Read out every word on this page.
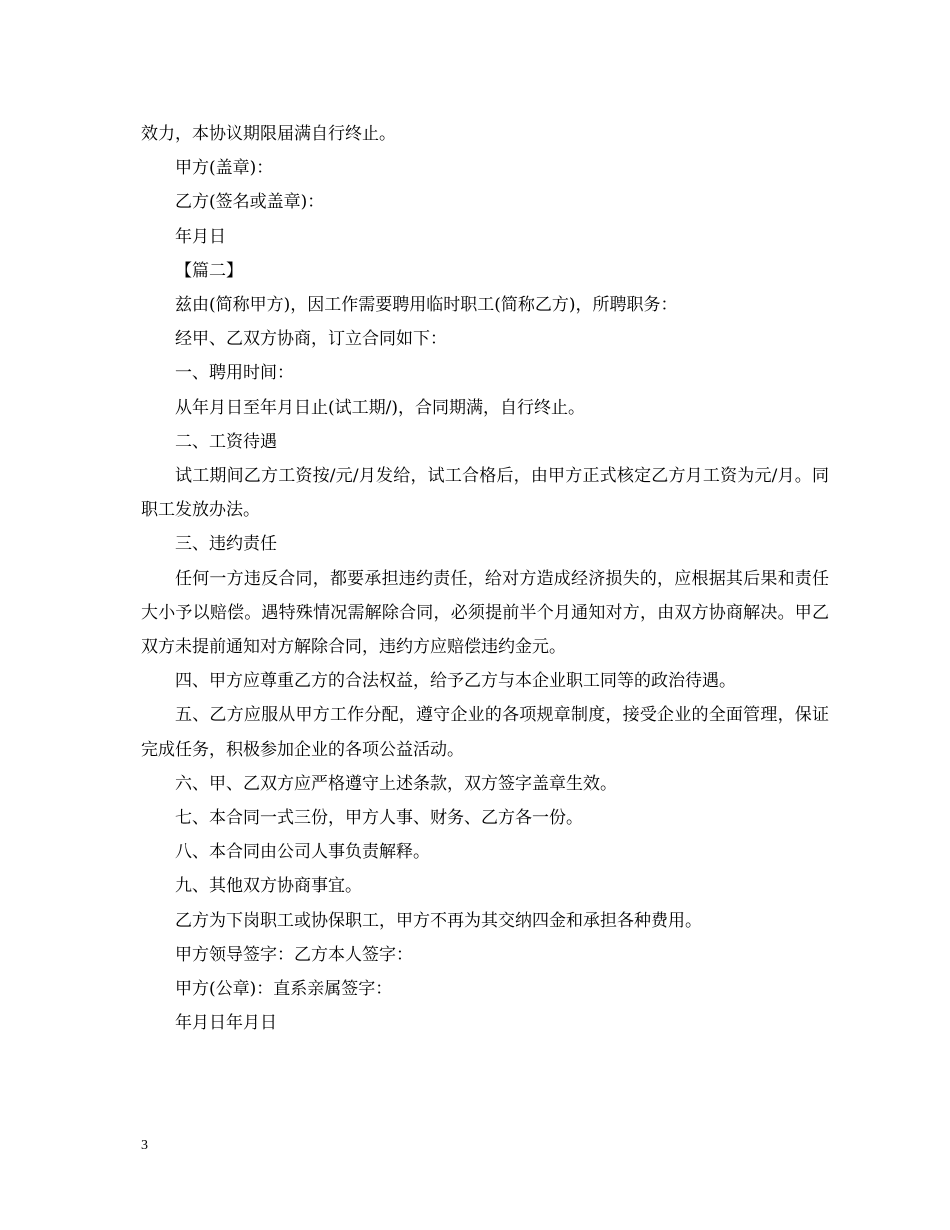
效力，本协议期限届满自行终止。

甲方(盖章)：

乙方(签名或盖章)：

年月日

【篇二】

兹由(简称甲方)，因工作需要聘用临时职工(简称乙方)，所聘职务：

经甲、乙双方协商，订立合同如下：

一、聘用时间：

从年月日至年月日止(试工期/)，合同期满，自行终止。

二、工资待遇

试工期间乙方工资按/元/月发给，试工合格后，由甲方正式核定乙方月工资为元/月。同职工发放办法。

三、违约责任

任何一方违反合同，都要承担违约责任，给对方造成经济损失的，应根据其后果和责任大小予以赔偿。遇特殊情况需解除合同，必须提前半个月通知对方，由双方协商解决。甲乙双方未提前通知对方解除合同，违约方应赔偿违约金元。

四、甲方应尊重乙方的合法权益，给予乙方与本企业职工同等的政治待遇。

五、乙方应服从甲方工作分配，遵守企业的各项规章制度，接受企业的全面管理，保证完成任务，积极参加企业的各项公益活动。

六、甲、乙双方应严格遵守上述条款，双方签字盖章生效。

七、本合同一式三份，甲方人事、财务、乙方各一份。

八、本合同由公司人事负责解释。

九、其他双方协商事宜。

乙方为下岗职工或协保职工，甲方不再为其交纳四金和承担各种费用。

甲方领导签字：乙方本人签字：

甲方(公章)：直系亲属签字：

年月日年月日

3
